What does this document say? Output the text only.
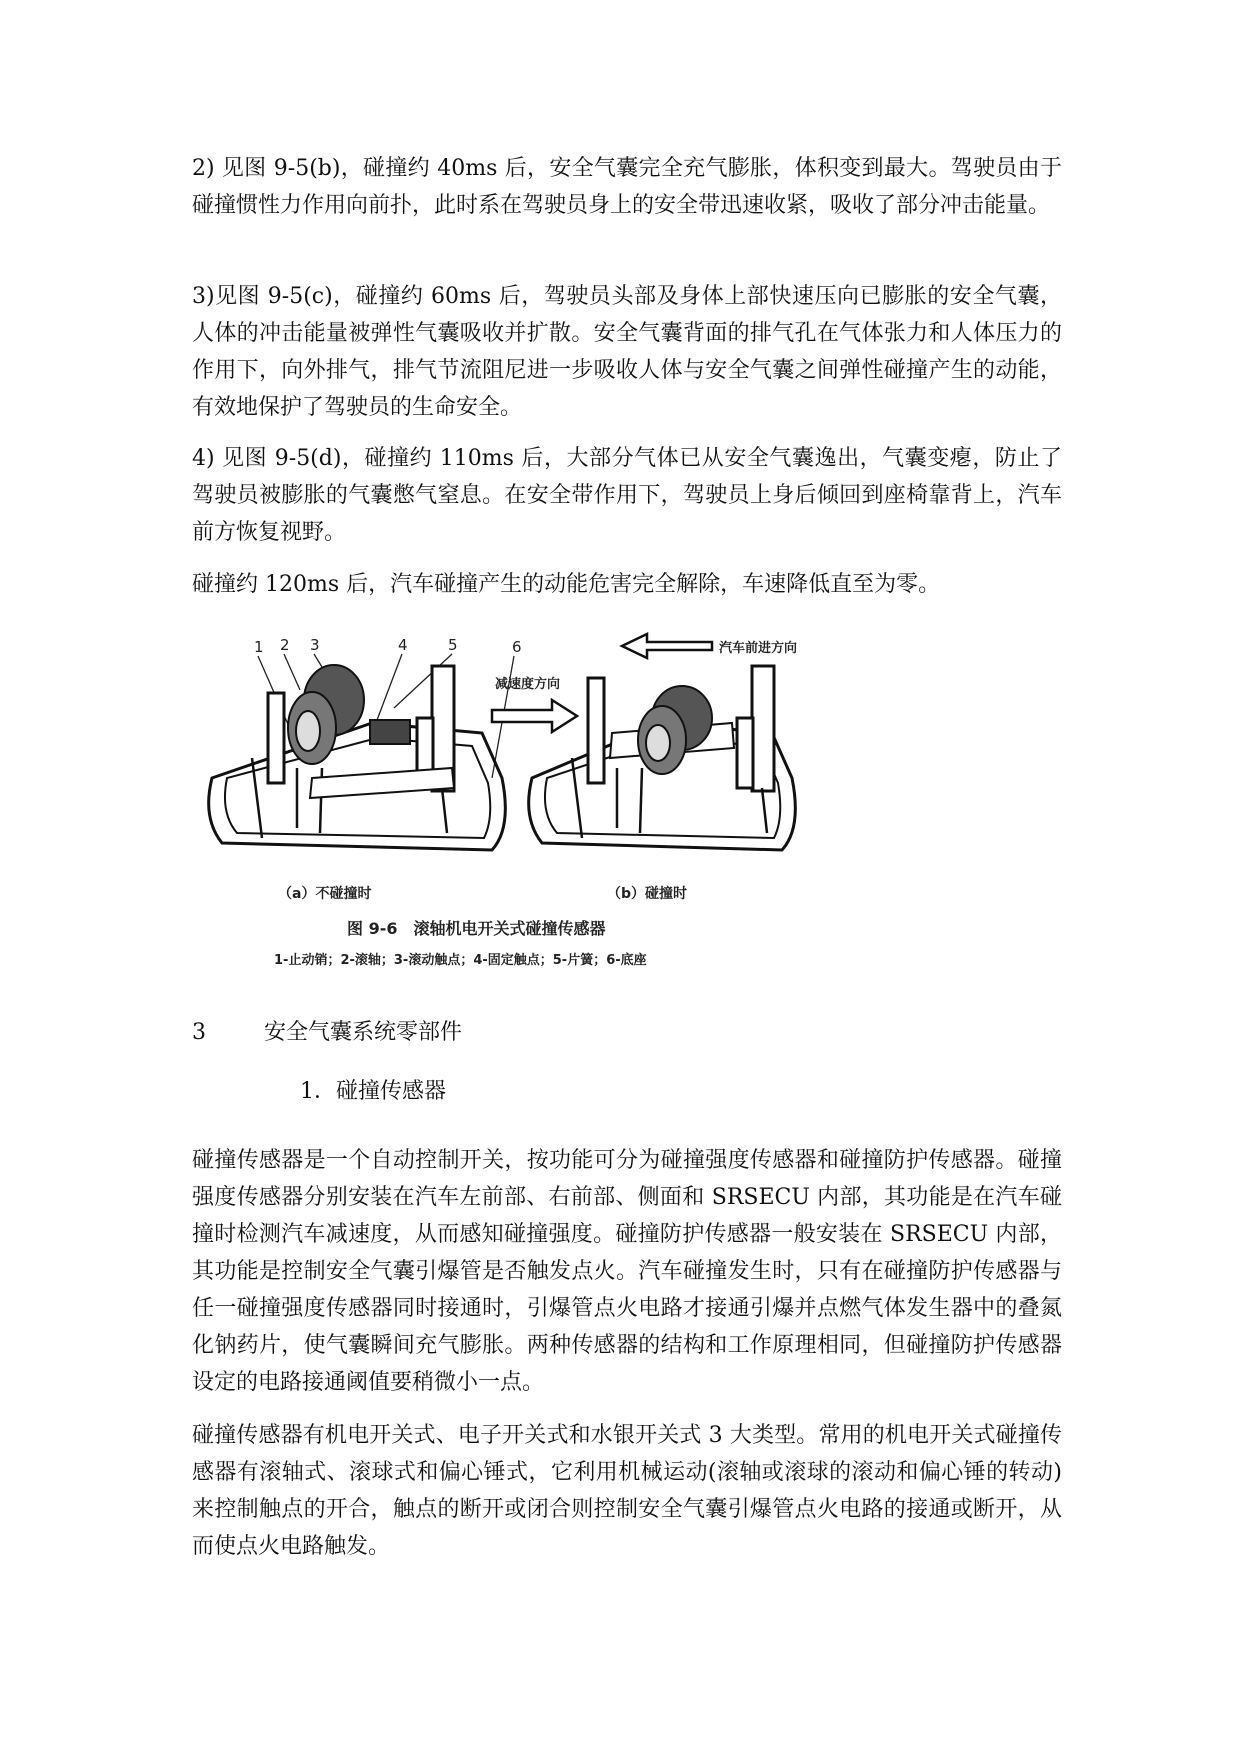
2) 见图 9-5(b)，碰撞约 40ms 后，安全气囊完全充气膨胀，体积变到最大。驾驶员由于碰撞惯性力作用向前扑，此时系在驾驶员身上的安全带迅速收紧，吸收了部分冲击能量。

3)见图 9-5(c)，碰撞约 60ms 后，驾驶员头部及身体上部快速压向已膨胀的安全气囊，人体的冲击能量被弹性气囊吸收并扩散。安全气囊背面的排气孔在气体张力和人体压力的作用下，向外排气，排气节流阻尼进一步吸收人体与安全气囊之间弹性碰撞产生的动能，有效地保护了驾驶员的生命安全。

4) 见图 9-5(d)，碰撞约 110ms 后，大部分气体已从安全气囊逸出，气囊变瘪，防止了驾驶员被膨胀的气囊憋气窒息。在安全带作用下，驾驶员上身后倾回到座椅靠背上，汽车前方恢复视野。

碰撞约 120ms 后，汽车碰撞产生的动能危害完全解除，车速降低直至为零。

1 2 3	4	5	6	汽车前进方向
减速度方向
（a）不碰撞时	（b）碰撞时
图 9-6　滚轴机电开关式碰撞传感器
1-止动销；2-滚轴；3-滚动触点；4-固定触点；5-片簧；6-底座

3	安全气囊系统零部件

1．碰撞传感器

碰撞传感器是一个自动控制开关，按功能可分为碰撞强度传感器和碰撞防护传感器。碰撞强度传感器分别安装在汽车左前部、右前部、侧面和 SRSECU 内部，其功能是在汽车碰撞时检测汽车减速度，从而感知碰撞强度。碰撞防护传感器一般安装在 SRSECU 内部，其功能是控制安全气囊引爆管是否触发点火。汽车碰撞发生时，只有在碰撞防护传感器与任一碰撞强度传感器同时接通时，引爆管点火电路才接通引爆并点燃气体发生器中的叠氮化钠药片，使气囊瞬间充气膨胀。两种传感器的结构和工作原理相同，但碰撞防护传感器设定的电路接通阈值要稍微小一点。

碰撞传感器有机电开关式、电子开关式和水银开关式 3 大类型。常用的机电开关式碰撞传感器有滚轴式、滚球式和偏心锤式，它利用机械运动(滚轴或滚球的滚动和偏心锤的转动)来控制触点的开合，触点的断开或闭合则控制安全气囊引爆管点火电路的接通或断开，从而使点火电路触发。
